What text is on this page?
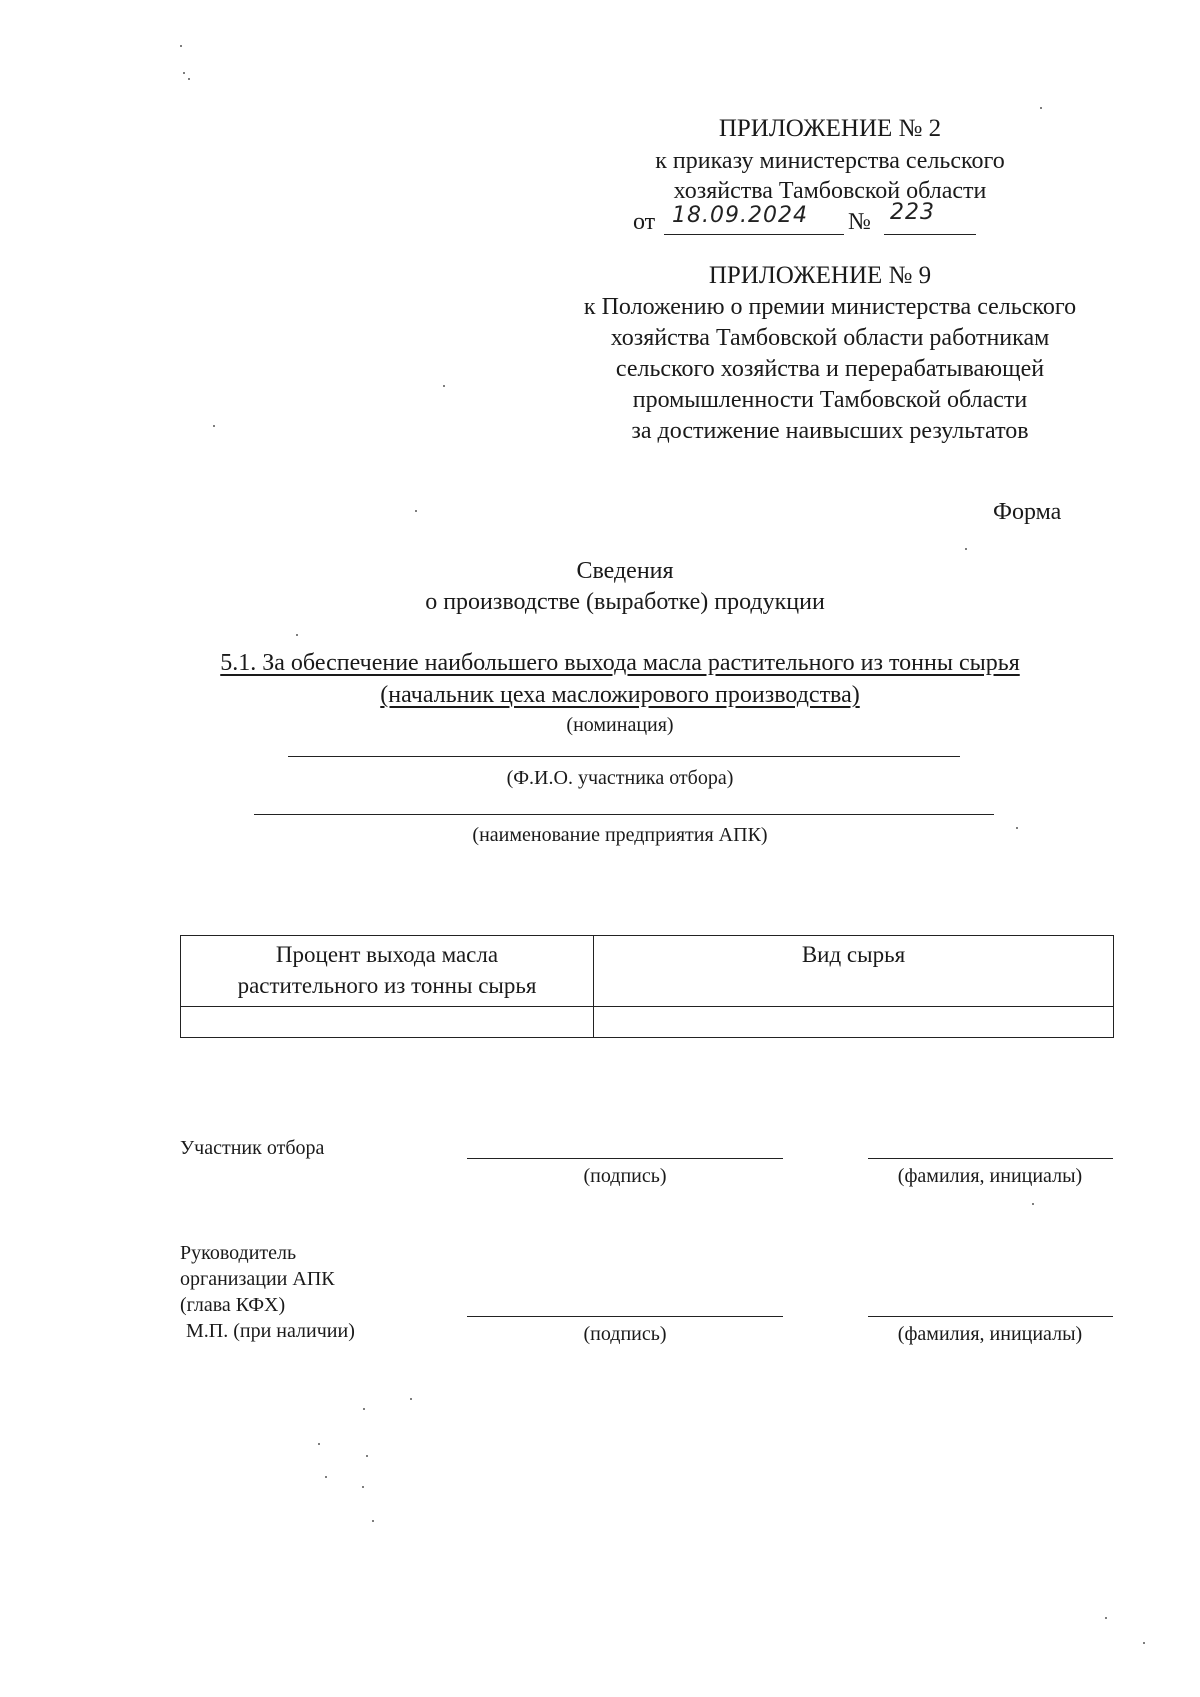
ПРИЛОЖЕНИЕ № 2
к приказу министерства сельского
хозяйства Тамбовской области
от 18.09.2024 № 223
ПРИЛОЖЕНИЕ № 9
к Положению о премии министерства сельского
хозяйства Тамбовской области работникам
сельского хозяйства и перерабатывающей
промышленности Тамбовской области
за достижение наивысших результатов
Форма
Сведения
о производстве (выработке) продукции
5.1. За обеспечение наибольшего выхода масла растительного из тонны сырья
(начальник цеха масложирового производства)
(номинация)
(Ф.И.О. участника отбора)
(наименование предприятия АПК)
Процент выхода масла
растительного из тонны сырья	Вид сырья

Участник отбора
(подпись)	(фамилия, инициалы)
Руководитель
организации АПК
(глава КФХ)
М.П. (при наличии)	(подпись)	(фамилия, инициалы)
